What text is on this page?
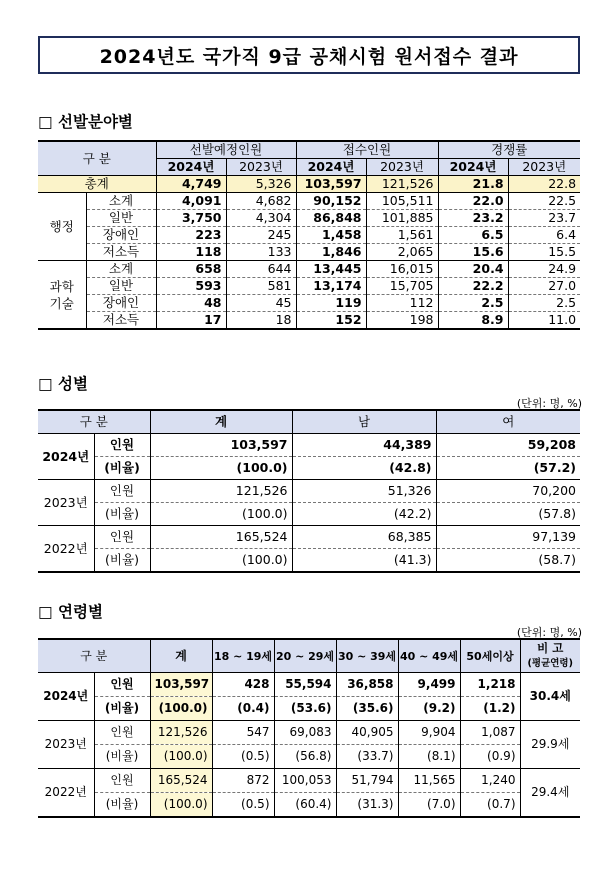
2024년도 국가직 9급 공채시험 원서접수 결과
□ 선발분야별
구 분		선발예정인원		접수인원		경쟁률	
		2024년	2023년	2024년	2023년	2024년	2023년
총계		4,749	5,326	103,597	121,526	21.8	22.8
행정	소계	4,091	4,682	90,152	105,511	22.0	22.5
	일반	3,750	4,304	86,848	101,885	23.2	23.7
	장애인	223	245	1,458	1,561	6.5	6.4
	저소득	118	133	1,846	2,065	15.6	15.5
과학
기술	소계	658	644	13,445	16,015	20.4	24.9
	일반	593	581	13,174	15,705	22.2	27.0
	장애인	48	45	119	112	2.5	2.5
	저소득	17	18	152	198	8.9	11.0
□ 성별
(단위: 명, %)
구 분		계	남	여
2024년	인원	103,597	44,389	59,208
	(비율)	(100.0)	(42.8)	(57.2)
2023년	인원	121,526	51,326	70,200
	(비율)	(100.0)	(42.2)	(57.8)
2022년	인원	165,524	68,385	97,139
	(비율)	(100.0)	(41.3)	(58.7)
□ 연령별
(단위: 명, %)
구 분		계	18 ~ 19세	20 ~ 29세	30 ~ 39세	40 ~ 49세	50세이상	비 고
(평균연령)
2024년	인원	103,597	428	55,594	36,858	9,499	1,218	30.4세
	(비율)	(100.0)	(0.4)	(53.6)	(35.6)	(9.2)	(1.2)	
2023년	인원	121,526	547	69,083	40,905	9,904	1,087	29.9세
	(비율)	(100.0)	(0.5)	(56.8)	(33.7)	(8.1)	(0.9)	
2022년	인원	165,524	872	100,053	51,794	11,565	1,240	29.4세
	(비율)	(100.0)	(0.5)	(60.4)	(31.3)	(7.0)	(0.7)	
